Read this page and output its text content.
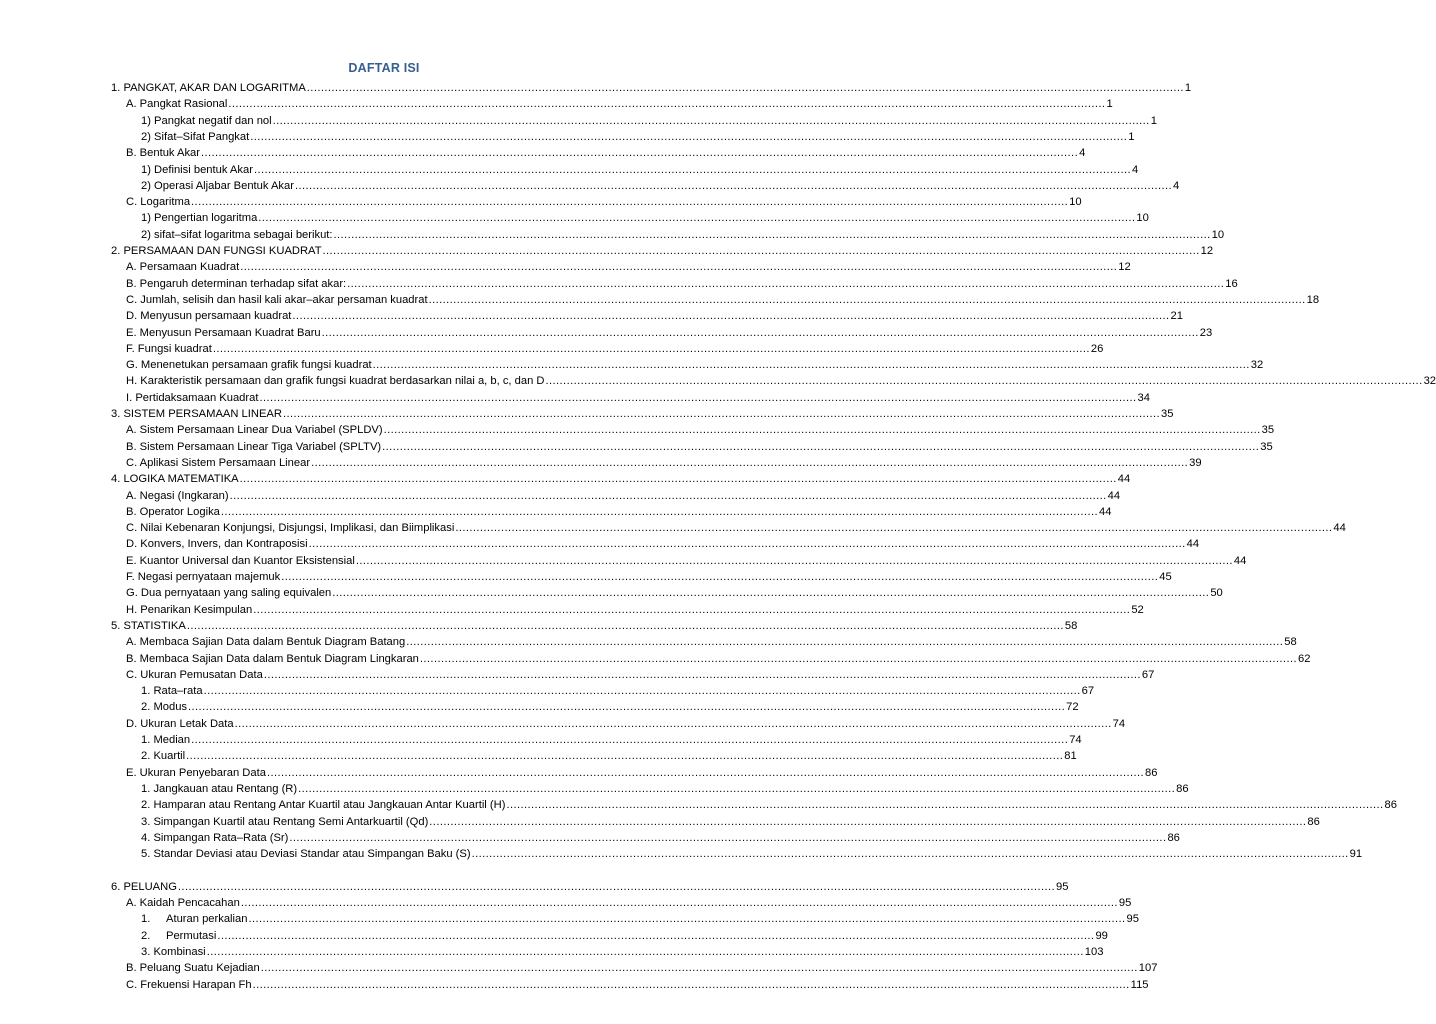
DAFTAR ISI
1. PANGKAT, AKAR DAN LOGARITMA .......................................................................................................................................................................................................................................................... 1
A. Pangkat Rasional .......................................................................................................................................................................................................................................................... 1
1) Pangkat negatif dan nol .......................................................................................................................................................................................................................................................... 1
2) Sifat–Sifat Pangkat .......................................................................................................................................................................................................................................................... 1
B. Bentuk Akar .......................................................................................................................................................................................................................................................... 4
1) Definisi bentuk Akar .......................................................................................................................................................................................................................................................... 4
2) Operasi Aljabar Bentuk Akar .......................................................................................................................................................................................................................................................... 4
C. Logaritma .......................................................................................................................................................................................................................................................... 10
1) Pengertian logaritma .......................................................................................................................................................................................................................................................... 10
2) sifat–sifat logaritma sebagai berikut: .......................................................................................................................................................................................................................................................... 10
2. PERSAMAAN DAN FUNGSI KUADRAT .......................................................................................................................................................................................................................................................... 12
A. Persamaan Kuadrat .......................................................................................................................................................................................................................................................... 12
B. Pengaruh determinan terhadap sifat akar: .......................................................................................................................................................................................................................................................... 16
C. Jumlah, selisih dan hasil kali akar–akar persaman kuadrat .......................................................................................................................................................................................................................................................... 18
D. Menyusun persamaan kuadrat .......................................................................................................................................................................................................................................................... 21
E. Menyusun Persamaan Kuadrat Baru .......................................................................................................................................................................................................................................................... 23
F. Fungsi kuadrat .......................................................................................................................................................................................................................................................... 26
G. Menenetukan persamaan grafik fungsi kuadrat .......................................................................................................................................................................................................................................................... 32
H. Karakteristik persamaan dan grafik fungsi kuadrat berdasarkan nilai a, b, c, dan D .......................................................................................................................................................................................................................................................... 32
I. Pertidaksamaan Kuadrat .......................................................................................................................................................................................................................................................... 34
3. SISTEM PERSAMAAN LINEAR .......................................................................................................................................................................................................................................................... 35
A. Sistem Persamaan Linear Dua Variabel (SPLDV) .......................................................................................................................................................................................................................................................... 35
B. Sistem Persamaan Linear Tiga Variabel (SPLTV) .......................................................................................................................................................................................................................................................... 35
C. Aplikasi Sistem Persamaan Linear .......................................................................................................................................................................................................................................................... 39
4. LOGIKA MATEMATIKA .......................................................................................................................................................................................................................................................... 44
A. Negasi (Ingkaran) .......................................................................................................................................................................................................................................................... 44
B. Operator Logika .......................................................................................................................................................................................................................................................... 44
C. Nilai Kebenaran Konjungsi, Disjungsi, Implikasi, dan Biimplikasi .......................................................................................................................................................................................................................................................... 44
D. Konvers, Invers, dan Kontraposisi .......................................................................................................................................................................................................................................................... 44
E. Kuantor Universal dan Kuantor Eksistensial .......................................................................................................................................................................................................................................................... 44
F. Negasi pernyataan majemuk .......................................................................................................................................................................................................................................................... 45
G. Dua pernyataan yang saling equivalen .......................................................................................................................................................................................................................................................... 50
H. Penarikan Kesimpulan .......................................................................................................................................................................................................................................................... 52
5. STATISTIKA .......................................................................................................................................................................................................................................................... 58
A. Membaca Sajian Data dalam Bentuk Diagram Batang .......................................................................................................................................................................................................................................................... 58
B. Membaca Sajian Data dalam Bentuk Diagram Lingkaran .......................................................................................................................................................................................................................................................... 62
C. Ukuran Pemusatan Data .......................................................................................................................................................................................................................................................... 67
1. Rata–rata .......................................................................................................................................................................................................................................................... 67
2. Modus .......................................................................................................................................................................................................................................................... 72
D. Ukuran Letak Data .......................................................................................................................................................................................................................................................... 74
1. Median .......................................................................................................................................................................................................................................................... 74
2. Kuartil .......................................................................................................................................................................................................................................................... 81
E. Ukuran Penyebaran Data .......................................................................................................................................................................................................................................................... 86
1. Jangkauan atau Rentang (R) .......................................................................................................................................................................................................................................................... 86
2. Hamparan atau Rentang Antar Kuartil atau Jangkauan Antar Kuartil (H) .......................................................................................................................................................................................................................................................... 86
3. Simpangan Kuartil atau Rentang Semi Antarkuartil (Qd) .......................................................................................................................................................................................................................................................... 86
4. Simpangan Rata–Rata (Sr) .......................................................................................................................................................................................................................................................... 86
5. Standar Deviasi atau Deviasi Standar atau Simpangan Baku (S) .......................................................................................................................................................................................................................................................... 91
6. PELUANG .......................................................................................................................................................................................................................................................... 95
A. Kaidah Pencacahan .......................................................................................................................................................................................................................................................... 95
1. Aturan perkalian .......................................................................................................................................................................................................................................................... 95
2. Permutasi .......................................................................................................................................................................................................................................................... 99
3. Kombinasi .......................................................................................................................................................................................................................................................... 103
B. Peluang Suatu Kejadian .......................................................................................................................................................................................................................................................... 107
C. Frekuensi Harapan Fh .......................................................................................................................................................................................................................................................... 115
